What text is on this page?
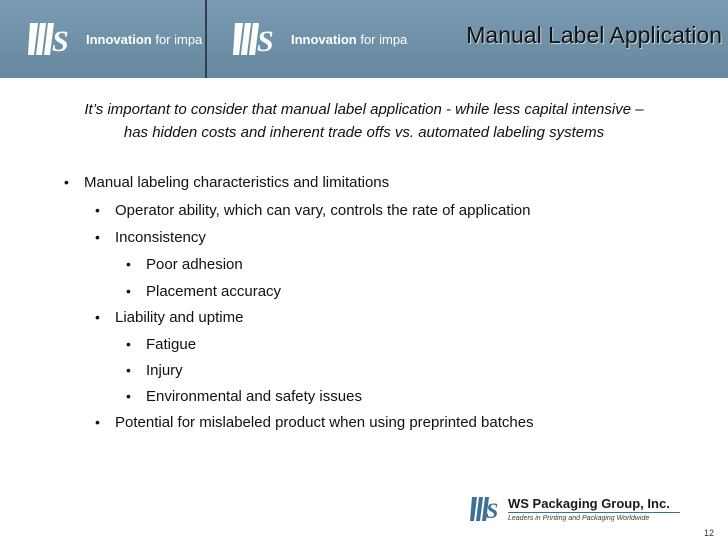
S Innovation for impa S Innovation for impa	Manual Label Application
It’s important to consider that manual label application - while less capital intensive –
has hidden costs and inherent trade offs vs. automated labeling systems
• Manual labeling characteristics and limitations
• Operator ability, which can vary, controls the rate of application
• Inconsistency
• Poor adhesion
• Placement accuracy
• Liability and uptime
• Fatigue
• Injury
• Environmental and safety issues
• Potential for mislabeled product when using preprinted batches
S WS Packaging Group, Inc.
Leaders in Printing and Packaging Worldwide
12
